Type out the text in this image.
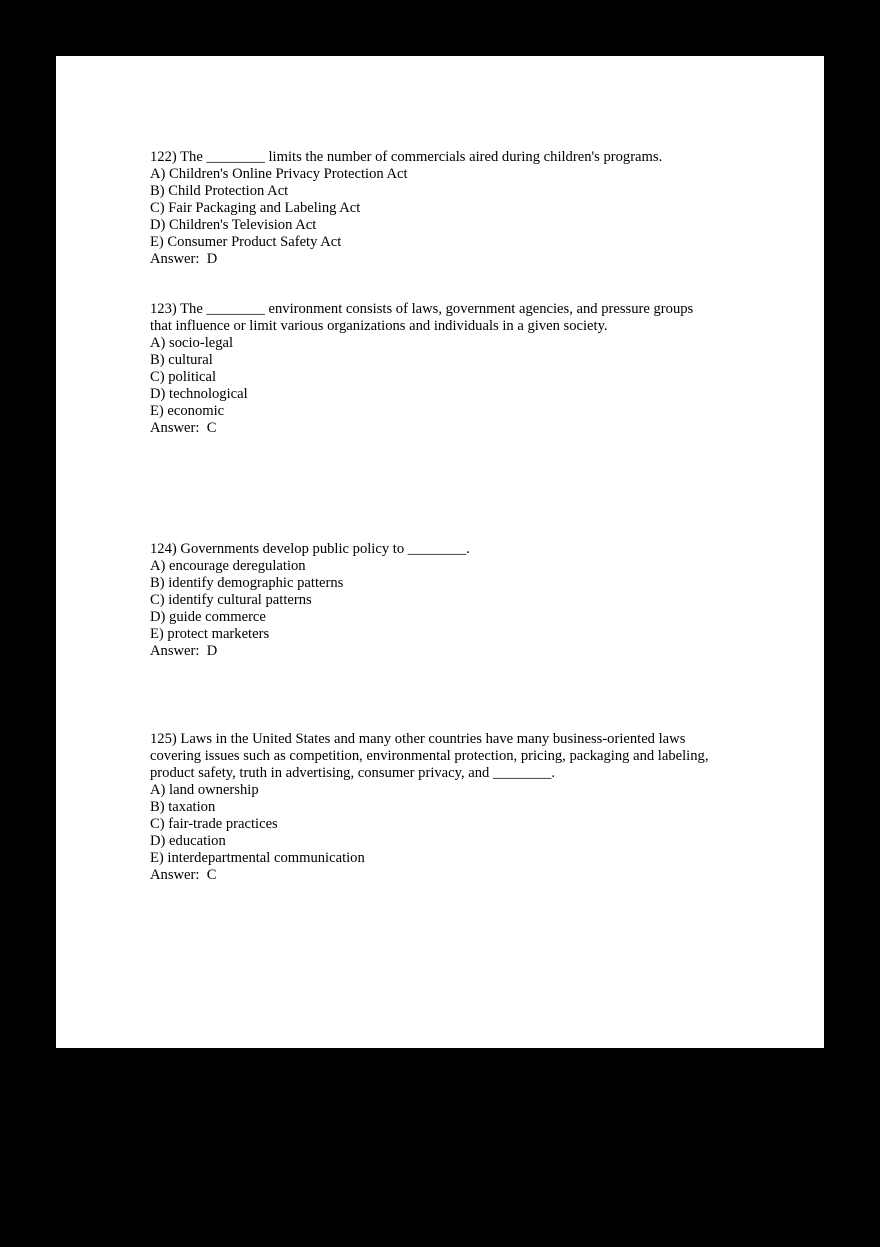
122) The ________ limits the number of commercials aired during children's programs.
A) Children's Online Privacy Protection Act
B) Child Protection Act
C) Fair Packaging and Labeling Act
D) Children's Television Act
E) Consumer Product Safety Act
Answer:  D
123) The ________ environment consists of laws, government agencies, and pressure groups
that influence or limit various organizations and individuals in a given society.
A) socio-legal
B) cultural
C) political
D) technological
E) economic
Answer:  C
124) Governments develop public policy to ________.
A) encourage deregulation
B) identify demographic patterns
C) identify cultural patterns
D) guide commerce
E) protect marketers
Answer:  D
125) Laws in the United States and many other countries have many business-oriented laws
covering issues such as competition, environmental protection, pricing, packaging and labeling,
product safety, truth in advertising, consumer privacy, and ________.
A) land ownership
B) taxation
C) fair-trade practices
D) education
E) interdepartmental communication
Answer:  C
